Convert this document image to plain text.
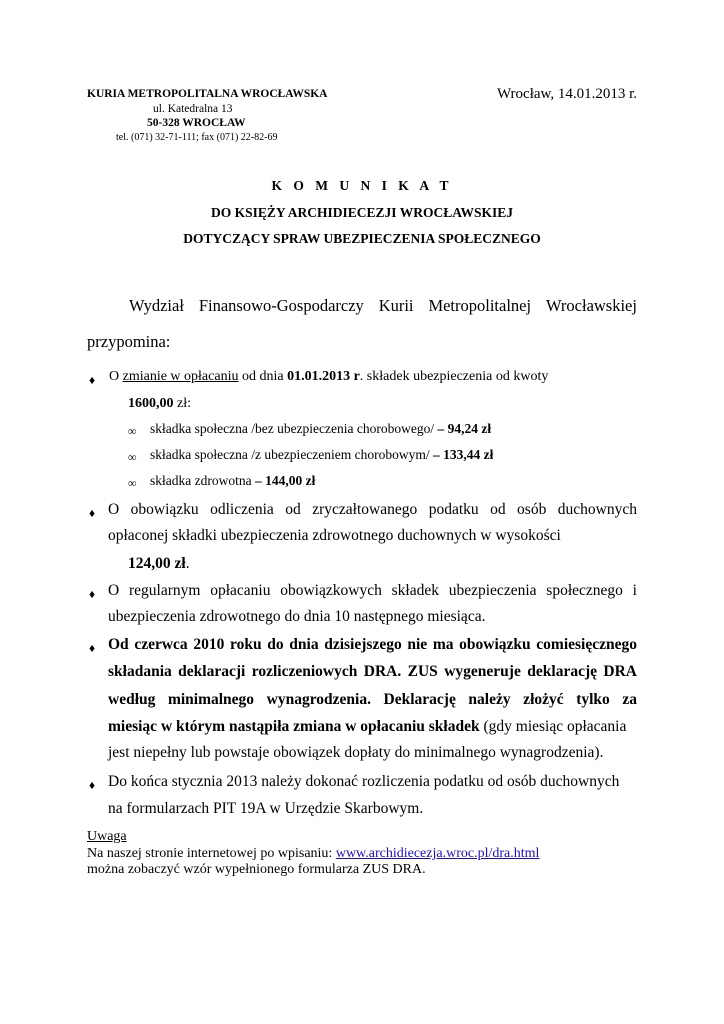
KURIA METROPOLITALNA WROCŁAWSKA
ul. Katedralna 13
50-328 WROCŁAW
tel. (071) 32-71-111; fax (071) 22-82-69
Wrocław, 14.01.2013 r.
K O M U N I K A T
DO KSIĘŻY ARCHIDIECEZJI WROCŁAWSKIEJ
DOTYCZĄCY SPRAW UBEZPIECZENIA SPOŁECZNEGO
Wydział Finansowo-Gospodarczy Kurii Metropolitalnej Wrocławskiej
przypomina:
♦ O zmianie w opłacaniu od dnia 01.01.2013 r. składek ubezpieczenia od kwoty
1600,00 zł:
∞ składka społeczna /bez ubezpieczenia chorobowego/ – 94,24 zł
∞ składka społeczna /z ubezpieczeniem chorobowym/ – 133,44 zł
∞ składka zdrowotna – 144,00 zł
♦ O obowiązku odliczenia od zryczałtowanego podatku od osób duchownych
opłaconej składki ubezpieczenia zdrowotnego duchownych w wysokości
124,00 zł.
♦ O regularnym opłacaniu obowiązkowych składek ubezpieczenia społecznego i
ubezpieczenia zdrowotnego do dnia 10 następnego miesiąca.
♦ Od czerwca 2010 roku do dnia dzisiejszego nie ma obowiązku comiesięcznego
składania deklaracji rozliczeniowych DRA. ZUS wygeneruje deklarację DRA
według minimalnego wynagrodzenia. Deklarację należy złożyć tylko za
miesiąc w którym nastąpiła zmiana w opłacaniu składek (gdy miesiąc opłacania
jest niepełny lub powstaje obowiązek dopłaty do minimalnego wynagrodzenia).
♦ Do końca stycznia 2013 należy dokonać rozliczenia podatku od osób duchownych
na formularzach PIT 19A w Urzędzie Skarbowym.
Uwaga
Na naszej stronie internetowej po wpisaniu: www.archidiecezja.wroc.pl/dra.html
można zobaczyć wzór wypełnionego formularza ZUS DRA.
